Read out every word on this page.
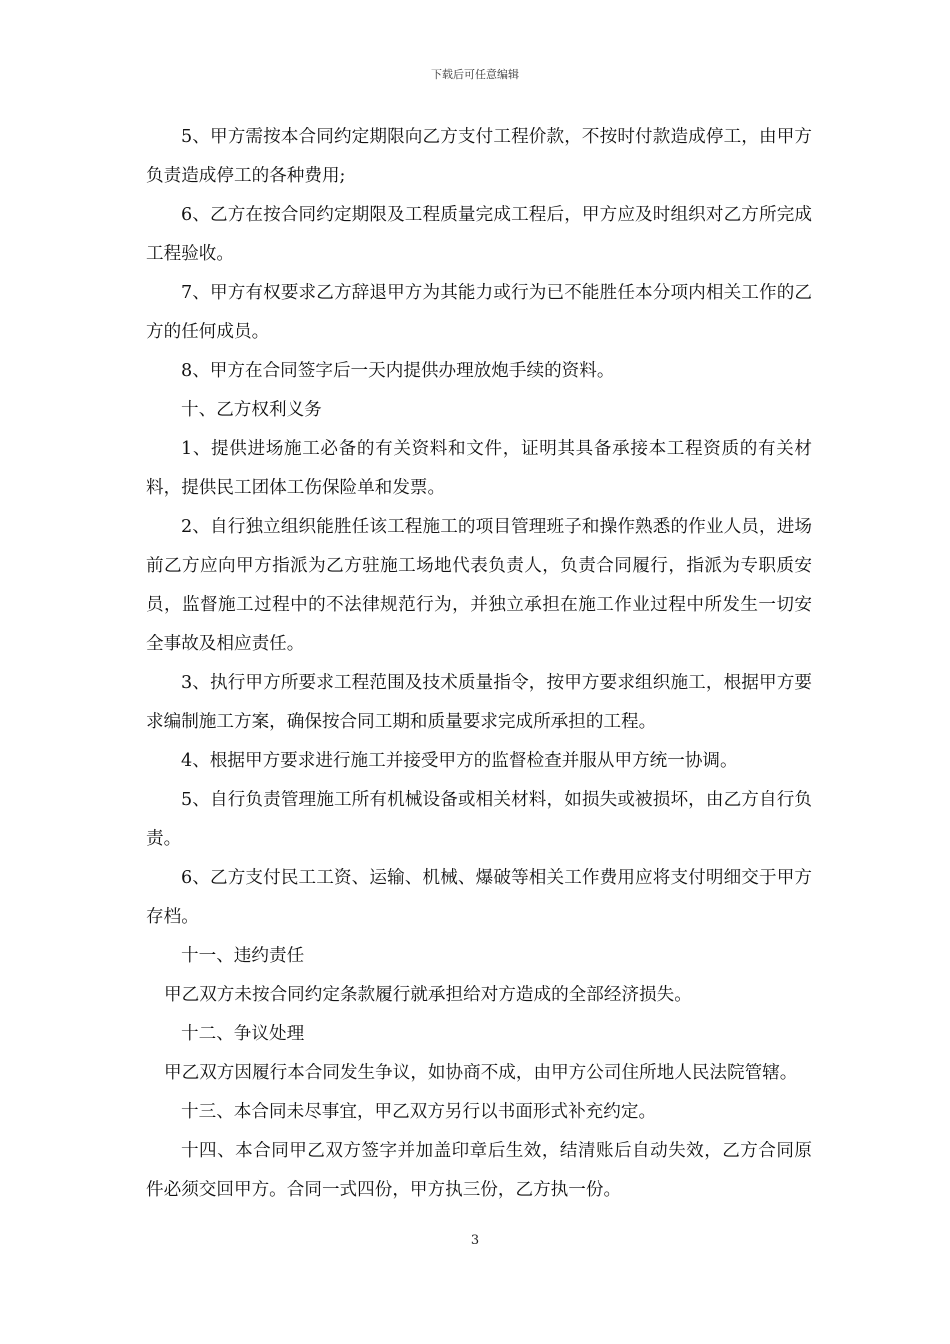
下载后可任意编辑

5、甲方需按本合同约定期限向乙方支付工程价款，不按时付款造成停工，由甲方负责造成停工的各种费用;

6、乙方在按合同约定期限及工程质量完成工程后，甲方应及时组织对乙方所完成工程验收。

7、甲方有权要求乙方辞退甲方为其能力或行为已不能胜任本分项内相关工作的乙方的任何成员。

8、甲方在合同签字后一天内提供办理放炮手续的资料。

十、乙方权利义务

1、提供进场施工必备的有关资料和文件，证明其具备承接本工程资质的有关材料，提供民工团体工伤保险单和发票。

2、自行独立组织能胜任该工程施工的项目管理班子和操作熟悉的作业人员，进场前乙方应向甲方指派为乙方驻施工场地代表负责人，负责合同履行，指派为专职质安员，监督施工过程中的不法律规范行为，并独立承担在施工作业过程中所发生一切安全事故及相应责任。

3、执行甲方所要求工程范围及技术质量指令，按甲方要求组织施工，根据甲方要求编制施工方案，确保按合同工期和质量要求完成所承担的工程。

4、根据甲方要求进行施工并接受甲方的监督检查并服从甲方统一协调。

5、自行负责管理施工所有机械设备或相关材料，如损失或被损坏，由乙方自行负责。

6、乙方支付民工工资、运输、机械、爆破等相关工作费用应将支付明细交于甲方存档。

十一、违约责任

甲乙双方未按合同约定条款履行就承担给对方造成的全部经济损失。

十二、争议处理

甲乙双方因履行本合同发生争议，如协商不成，由甲方公司住所地人民法院管辖。

十三、本合同未尽事宜，甲乙双方另行以书面形式补充约定。

十四、本合同甲乙双方签字并加盖印章后生效，结清账后自动失效，乙方合同原件必须交回甲方。合同一式四份，甲方执三份，乙方执一份。

3
